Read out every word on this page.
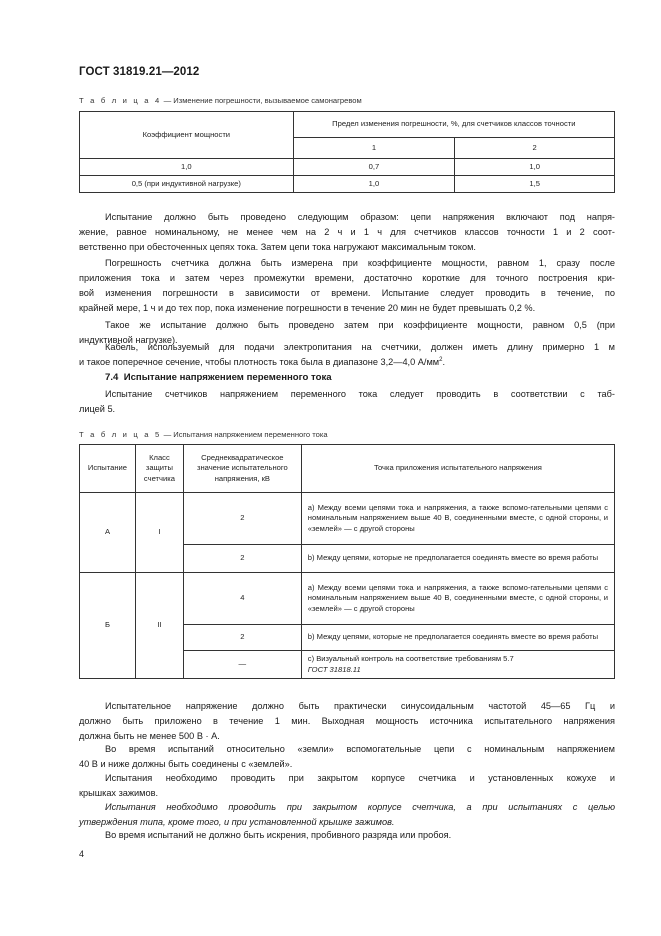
ГОСТ 31819.21—2012
Т а б л и ц а 4 — Изменение погрешности, вызываемое самонагревом
Коэффициент мощности	Предел изменения погрешности, %, для счетчиков классов точности	
	1	2
1,0	0,7	1,0
0,5 (при индуктивной нагрузке)	1,0	1,5
Испытание должно быть проведено следующим образом: цепи напряжения включают под напря-
жение, равное номинальному, не менее чем на 2 ч и 1 ч для счетчиков классов точности 1 и 2 соот-
ветственно при обесточенных цепях тока. Затем цепи тока нагружают максимальным током.
Погрешность счетчика должна быть измерена при коэффициенте мощности, равном 1, сразу после
приложения тока и затем через промежутки времени, достаточно короткие для точного построения кри-
вой изменения погрешности в зависимости от времени. Испытание следует проводить в течение, по
крайней мере, 1 ч и до тех пор, пока изменение погрешности в течение 20 мин не будет превышать 0,2 %.
Такое же испытание должно быть проведено затем при коэффициенте мощности, равном 0,5 (при
индуктивной нагрузке).
Кабель, используемый для подачи электропитания на счетчики, должен иметь длину примерно 1 м
и такое поперечное сечение, чтобы плотность тока была в диапазоне 3,2—4,0 $А/мм^2$.
7.4 Испытание напряжением переменного тока
Испытание счетчиков напряжением переменного тока следует проводить в соответствии с таб-
лицей 5.
Т а б л и ц а 5 — Испытания напряжением переменного тока
Испытание	Класс защиты счетчика	Среднеквадратическое значение испытательного напряжения, кВ	Точка приложения испытательного напряжения
А	I	2	a) Между всеми цепями тока и напряжения, а также вспомо-гательными цепями с номинальным напряжением выше 40 В, соединенными вместе, с одной стороны, и «землей» — с другой стороны
		2	b) Между цепями, которые не предполагается соединять вместе во время работы
Б	II	4	a) Между всеми цепями тока и напряжения, а также вспомо-гательными цепями с номинальным напряжением выше 40 В, соединенными вместе, с одной стороны, и «землей» — с другой стороны
		2	b) Между цепями, которые не предполагается соединять вместе во время работы
		—	c) Визуальный контроль на соответствие требованиям 5.7
ГОСТ 31818.11
Испытательное напряжение должно быть практически синусоидальным частотой 45—65 Гц и
должно быть приложено в течение 1 мин. Выходная мощность источника испытательного напряжения
должна быть не менее 500 В · А.
Во время испытаний относительно «земли» вспомогательные цепи с номинальным напряжением
40 В и ниже должны быть соединены с «землей».
Испытания необходимо проводить при закрытом корпусе счетчика и установленных кожухе и
крышках зажимов.
Испытания необходимо проводить при закрытом корпусе счетчика, а при испытаниях с целью
утверждения типа, кроме того, и при установленной крышке зажимов.
Во время испытаний не должно быть искрения, пробивного разряда или пробоя.
4
